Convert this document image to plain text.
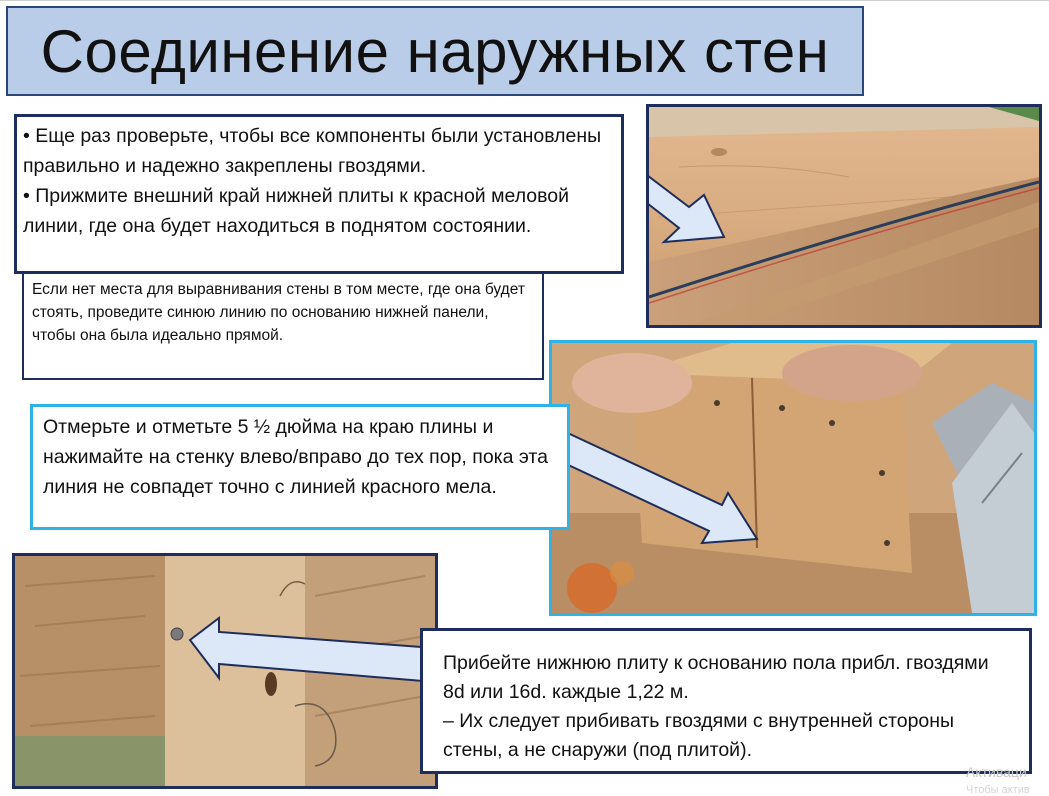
Соединение наружных стен

• Еще раз проверьте, чтобы все компоненты были установлены правильно и надежно закреплены гвоздями.

• Прижмите внешний край нижней плиты к красной меловой линии, где она будет находиться в поднятом состоянии.

Если нет места для выравнивания стены в том месте, где она будет стоять, проведите синюю линию по основанию нижней панели, чтобы она была идеально прямой.
Отмерьте и отметьте 5 ½ дюйма на краю плины и нажимайте на стенку влево/вправо до тех пор, пока эта линия не совпадет точно с линией красного мела.

Прибейте нижнюю плиту к основанию пола прибл. гвоздями 8d или 16d. каждые 1,22 м.

– Их следует прибивать гвоздями с внутренней стороны стены, а не снаружи (под плитой).

Активаци
Чтобы актив
